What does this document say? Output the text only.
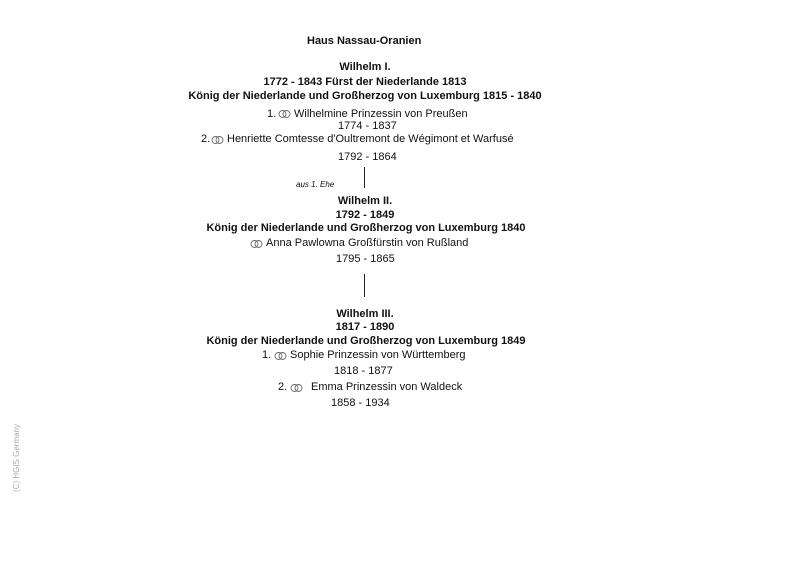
Haus Nassau-Oranien
Wilhelm I.
1772 - 1843 Fürst der Niederlande 1813
König der Niederlande und Großherzog von Luxemburg 1815 - 1840
1. Wilhelmine Prinzessin von Preußen
1774 - 1837
2. Henriette Comtesse d'Oultremont de Wégimont et Warfusé
1792 - 1864
aus 1. Ehe
Wilhelm II.
1792 - 1849
König der Niederlande und Großherzog von Luxemburg 1840
Anna Pawlowna Großfürstin von Rußland
1795 - 1865
Wilhelm III.
1817 - 1890
König der Niederlande und Großherzog von Luxemburg 1849
1. Sophie Prinzessin von Württemberg
1818 - 1877
2. Emma Prinzessin von Waldeck
1858 - 1934
(C) HGIS Germany
